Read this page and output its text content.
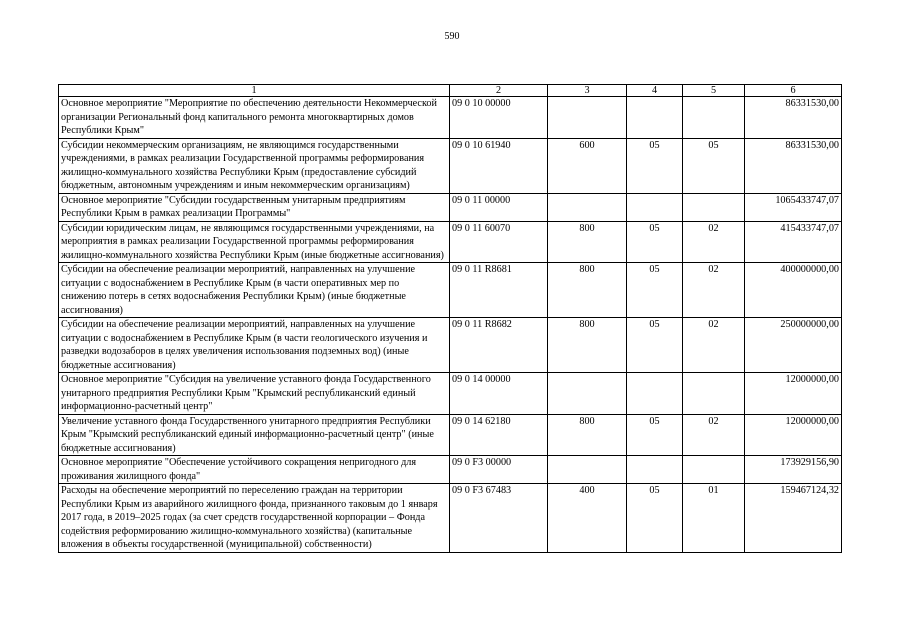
590
1	2	3	4	5	6
Основное мероприятие "Мероприятие по обеспечению деятельности Некоммерческой организации Региональный фонд капитального ремонта многоквартирных домов Республики Крым"	09 0 10 00000				86331530,00
Субсидии некоммерческим организациям, не являющимся государственными учреждениями, в рамках реализации Государственной программы реформирования жилищно-коммунального хозяйства Республики Крым (предоставление субсидий бюджетным, автономным учреждениям и иным некоммерческим организациям)	09 0 10 61940	600	05	05	86331530,00
Основное мероприятие "Субсидии государственным унитарным предприятиям Республики Крым в рамках реализации Программы"	09 0 11 00000				1065433747,07
Субсидии юридическим лицам, не являющимся государственными учреждениями, на мероприятия в рамках реализации Государственной программы реформирования жилищно-коммунального хозяйства Республики Крым (иные бюджетные ассигнования)	09 0 11 60070	800	05	02	415433747,07
Субсидии на обеспечение реализации мероприятий, направленных на улучшение ситуации с водоснабжением в Республике Крым (в части оперативных мер по снижению потерь в сетях водоснабжения Республики Крым) (иные бюджетные ассигнования)	09 0 11 R8681	800	05	02	400000000,00
Субсидии на обеспечение реализации мероприятий, направленных на улучшение ситуации с водоснабжением в Республике Крым (в части геологического изучения и разведки водозаборов в целях увеличения использования подземных вод) (иные бюджетные ассигнования)	09 0 11 R8682	800	05	02	250000000,00
Основное мероприятие "Субсидия на увеличение уставного фонда Государственного унитарного предприятия Республики Крым "Крымский республиканский единый информационно-расчетный центр"	09 0 14 00000				12000000,00
Увеличение уставного фонда Государственного унитарного предприятия Республики Крым "Крымский республиканский единый информационно-расчетный центр" (иные бюджетные ассигнования)	09 0 14 62180	800	05	02	12000000,00
Основное мероприятие "Обеспечение устойчивого сокращения непригодного для проживания жилищного фонда"	09 0 F3 00000				173929156,90
Расходы на обеспечение мероприятий по переселению граждан на территории Республики Крым из аварийного жилищного фонда, признанного таковым до 1 января 2017 года, в 2019–2025 годах (за счет средств государственной корпорации – Фонда содействия реформированию жилищно-коммунального хозяйства) (капитальные вложения в объекты государственной (муниципальной) собственности)	09 0 F3 67483	400	05	01	159467124,32
